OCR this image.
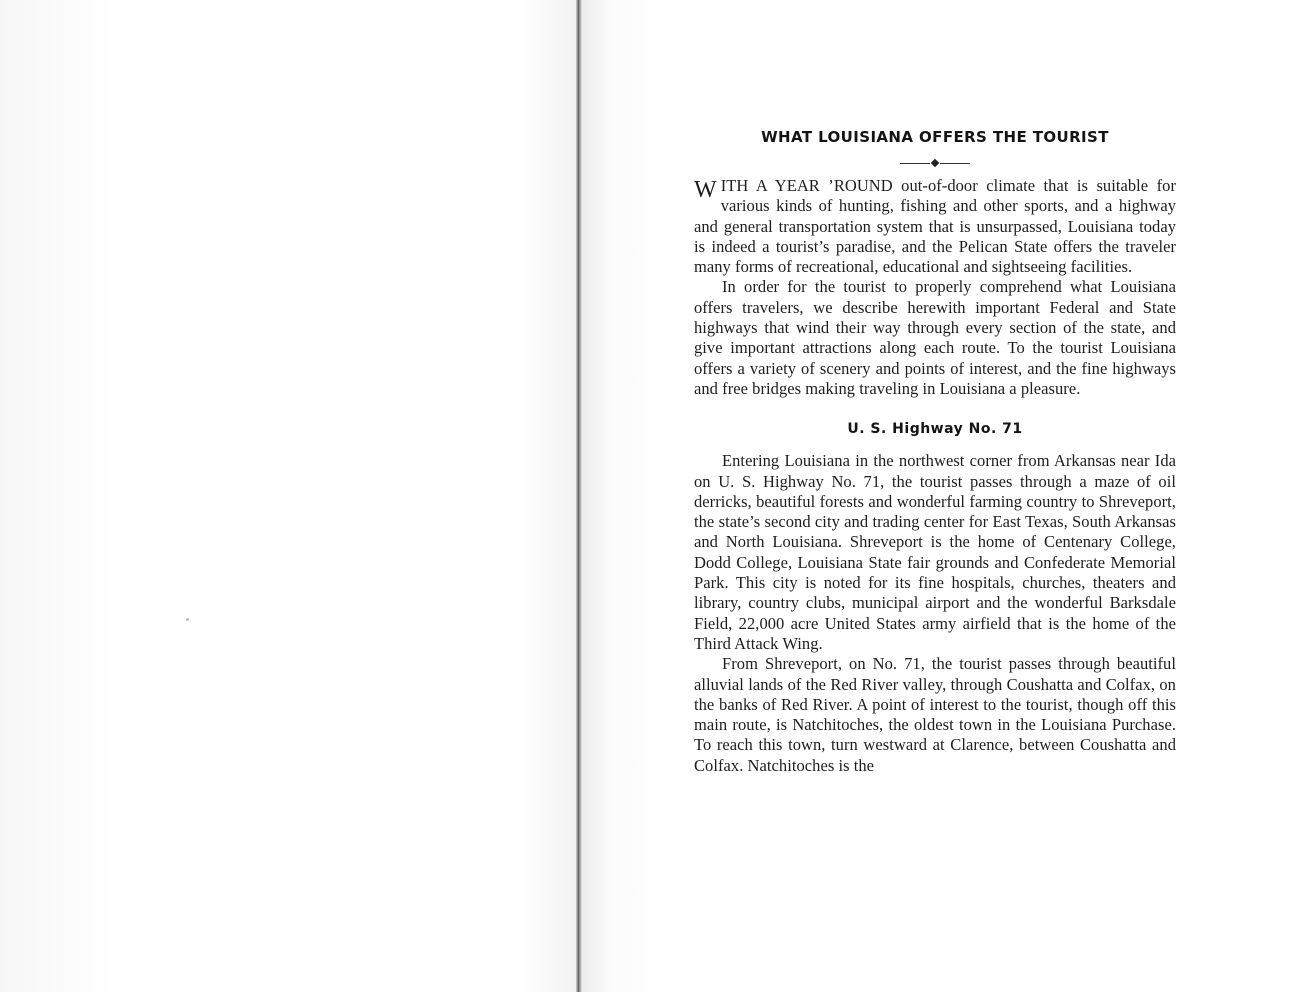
WHAT LOUISIANA OFFERS THE TOURIST

W ITH A YEAR ’ROUND out-of-door climate that is suitable for various kinds of hunting, fishing and other sports, and a highway and general transportation system that is unsurpassed, Louisiana today is indeed a tourist’s paradise, and the Pelican State offers the traveler many forms of recreational, educational and sightseeing facilities.

In order for the tourist to properly comprehend what Louisiana offers travelers, we describe herewith important Federal and State highways that wind their way through every section of the state, and give important attractions along each route. To the tourist Louisiana offers a variety of scenery and points of interest, and the fine highways and free bridges making traveling in Louisiana a pleasure.

U. S. Highway No. 71

Entering Louisiana in the northwest corner from Arkansas near Ida on U. S. Highway No. 71, the tourist passes through a maze of oil derricks, beautiful forests and wonderful farming country to Shreveport, the state’s second city and trading center for East Texas, South Arkansas and North Louisiana. Shreveport is the home of Centenary College, Dodd College, Louisiana State fair grounds and Confederate Memorial Park. This city is noted for its fine hospitals, churches, theaters and library, country clubs, municipal airport and the wonderful Barksdale Field, 22,000 acre United States army airfield that is the home of the Third Attack Wing.

From Shreveport, on No. 71, the tourist passes through beautiful alluvial lands of the Red River valley, through Coushatta and Colfax, on the banks of Red River. A point of interest to the tourist, though off this main route, is Natchitoches, the oldest town in the Louisiana Purchase. To reach this town, turn westward at Clarence, between Coushatta and Colfax. Natchitoches is the
